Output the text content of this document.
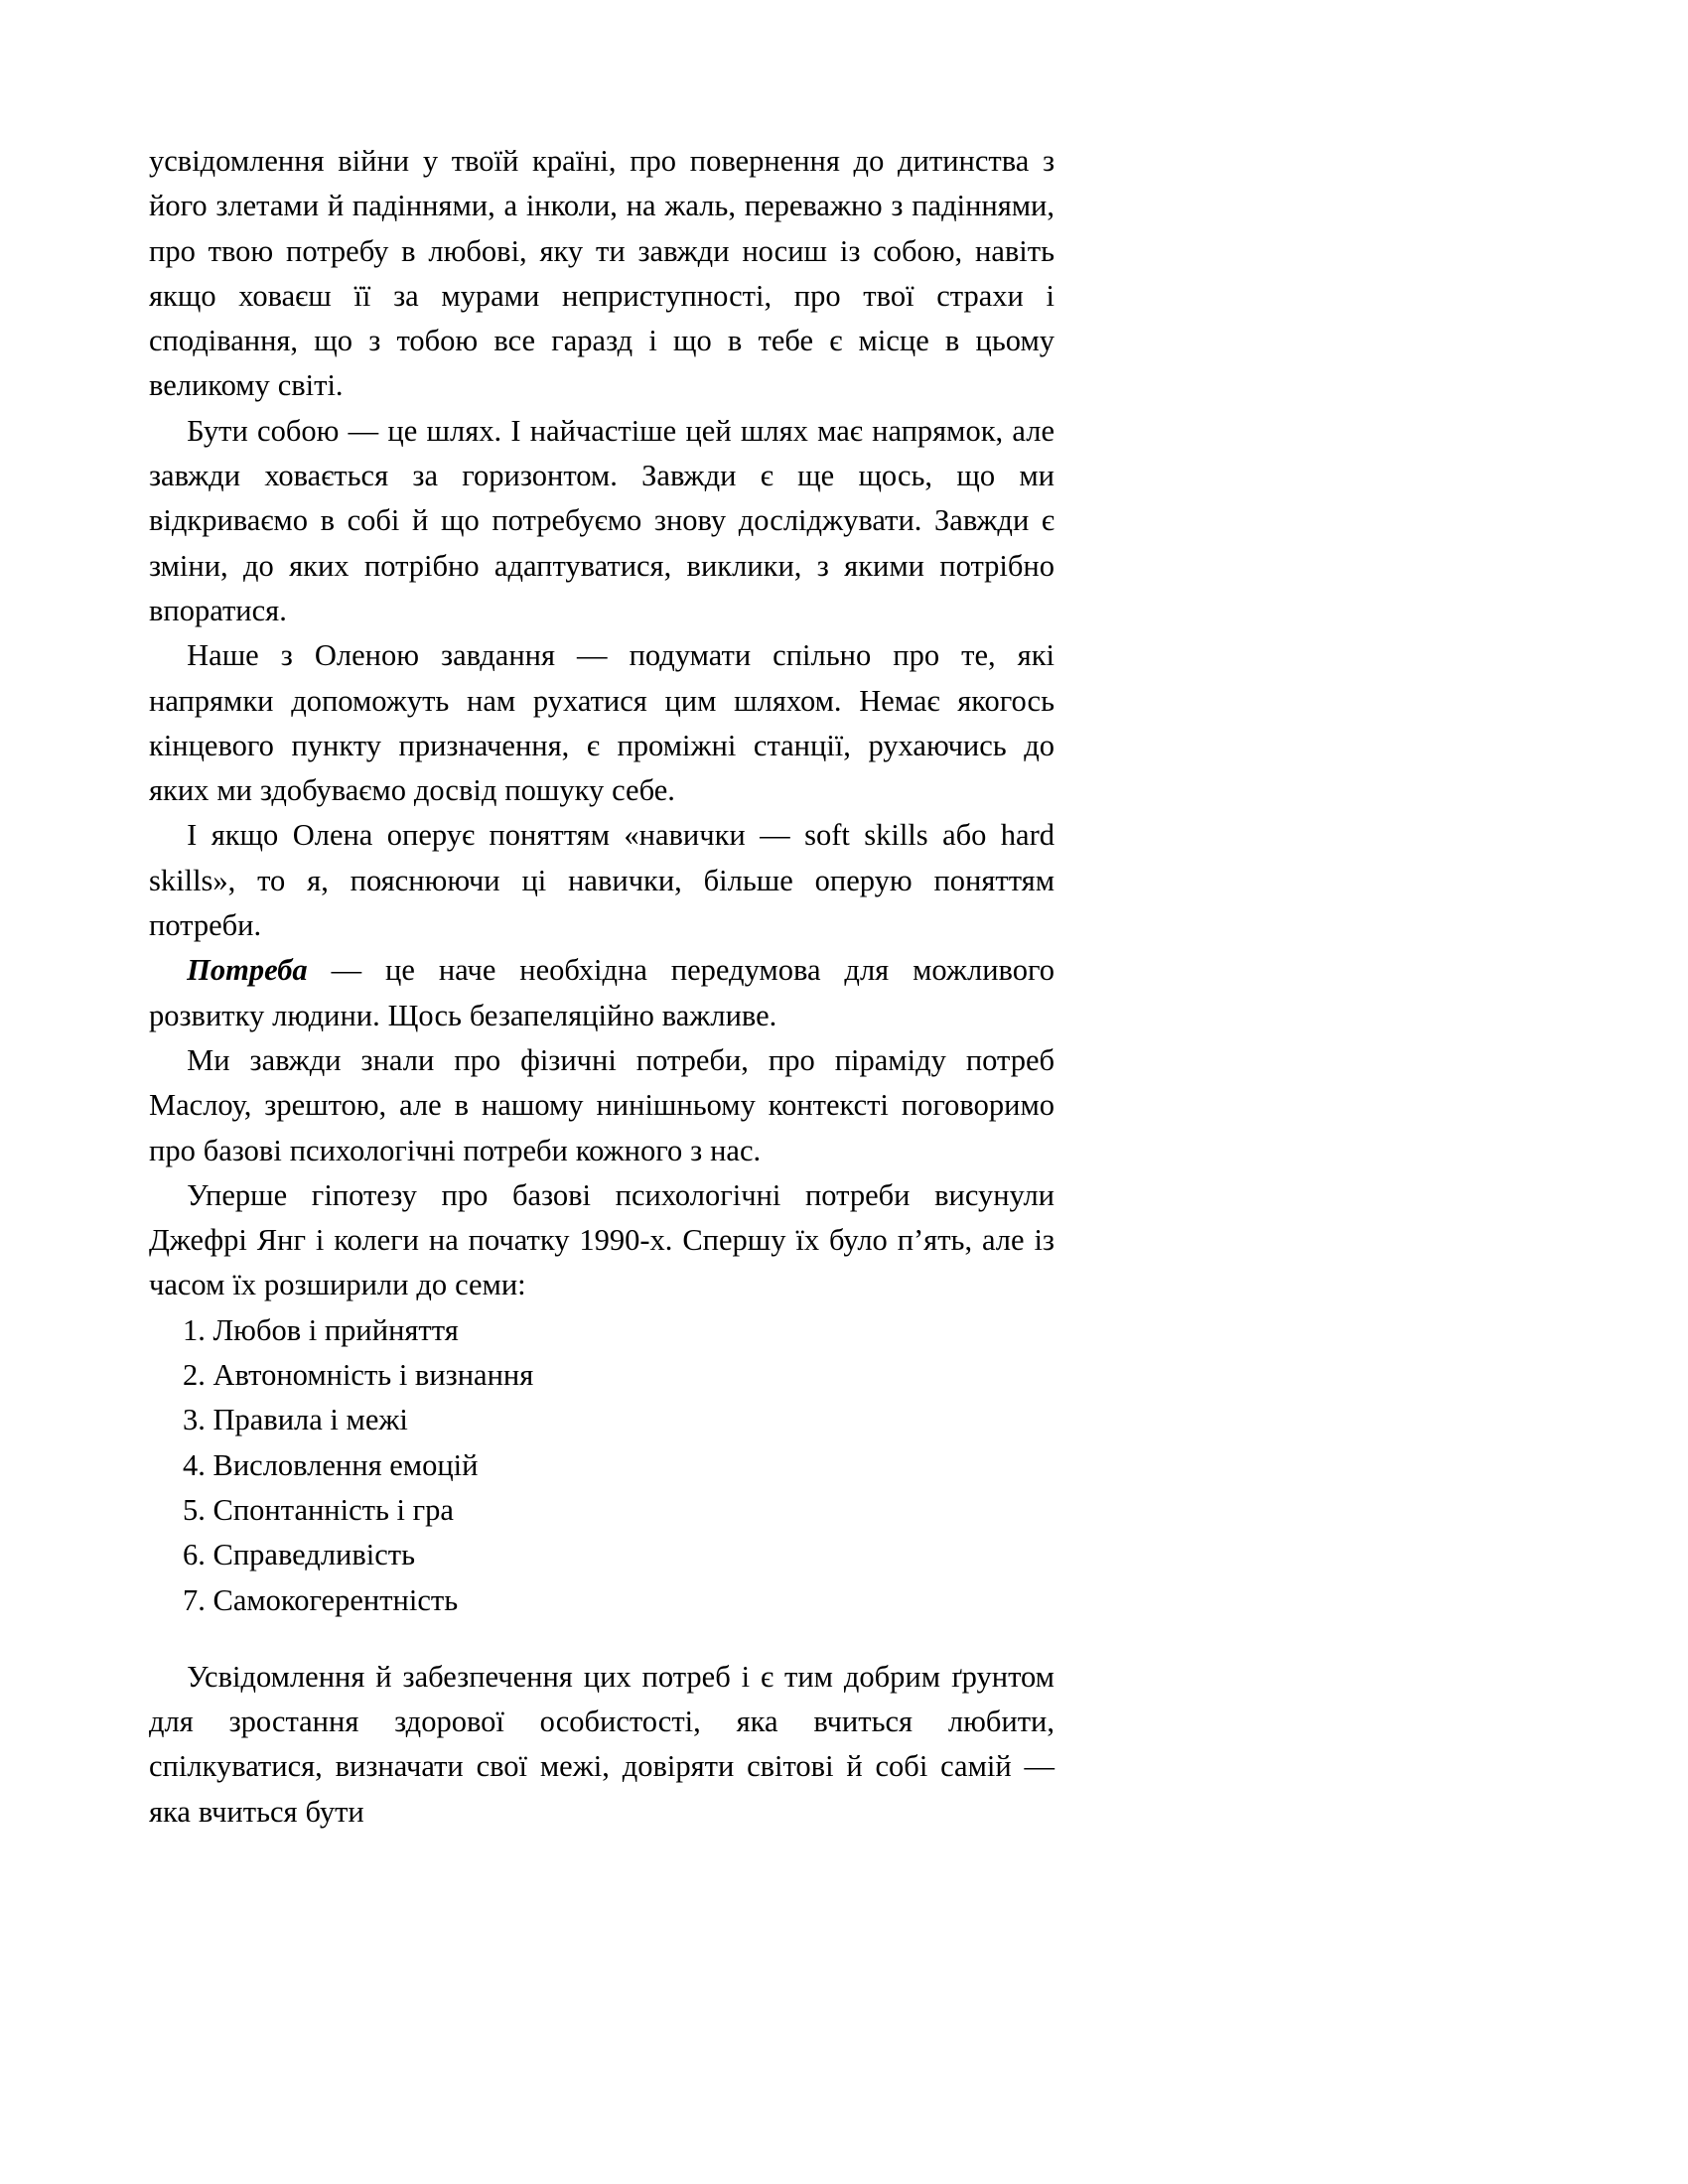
усвідомлення війни у твоїй країні, про повернення до дитинства з його злетами й падіннями, а інколи, на жаль, переважно з падіннями, про твою потребу в любові, яку ти завжди носиш із собою, навіть якщо ховаєш її за мурами неприступності, про твої страхи і сподівання, що з тобою все гаразд і що в тебе є місце в цьому великому світі.

Бути собою — це шлях. І найчастіше цей шлях має напрямок, але завжди ховається за горизонтом. Завжди є ще щось, що ми відкриваємо в собі й що потребуємо знову досліджувати. Завжди є зміни, до яких потрібно адаптуватися, виклики, з якими потрібно впоратися.

Наше з Оленою завдання — подумати спільно про те, які напрямки допоможуть нам рухатися цим шляхом. Немає якогось кінцевого пункту призначення, є проміжні станції, рухаючись до яких ми здобуваємо досвід пошуку себе.

І якщо Олена оперує поняттям «навички — soft skills або hard skills», то я, пояснюючи ці навички, більше оперую поняттям потреби.

Потреба — це наче необхідна передумова для можливого розвитку людини. Щось безапеляційно важливе.

Ми завжди знали про фізичні потреби, про піраміду потреб Маслоу, зрештою, але в нашому нинішньому контексті поговоримо про базові психологічні потреби кожного з нас.

Уперше гіпотезу про базові психологічні потреби висунули Джефрі Янг і колеги на початку 1990-х. Спершу їх було п’ять, але із часом їх розширили до семи:

1. Любов і прийняття
2. Автономність і визнання
3. Правила і межі
4. Висловлення емоцій
5. Спонтанність і гра
6. Справедливість
7. Самокогерентність

Усвідомлення й забезпечення цих потреб і є тим добрим ґрунтом для зростання здорової особистості, яка вчиться любити, спілкуватися, визначати свої межі, довіряти світові й собі самій — яка вчиться бути
